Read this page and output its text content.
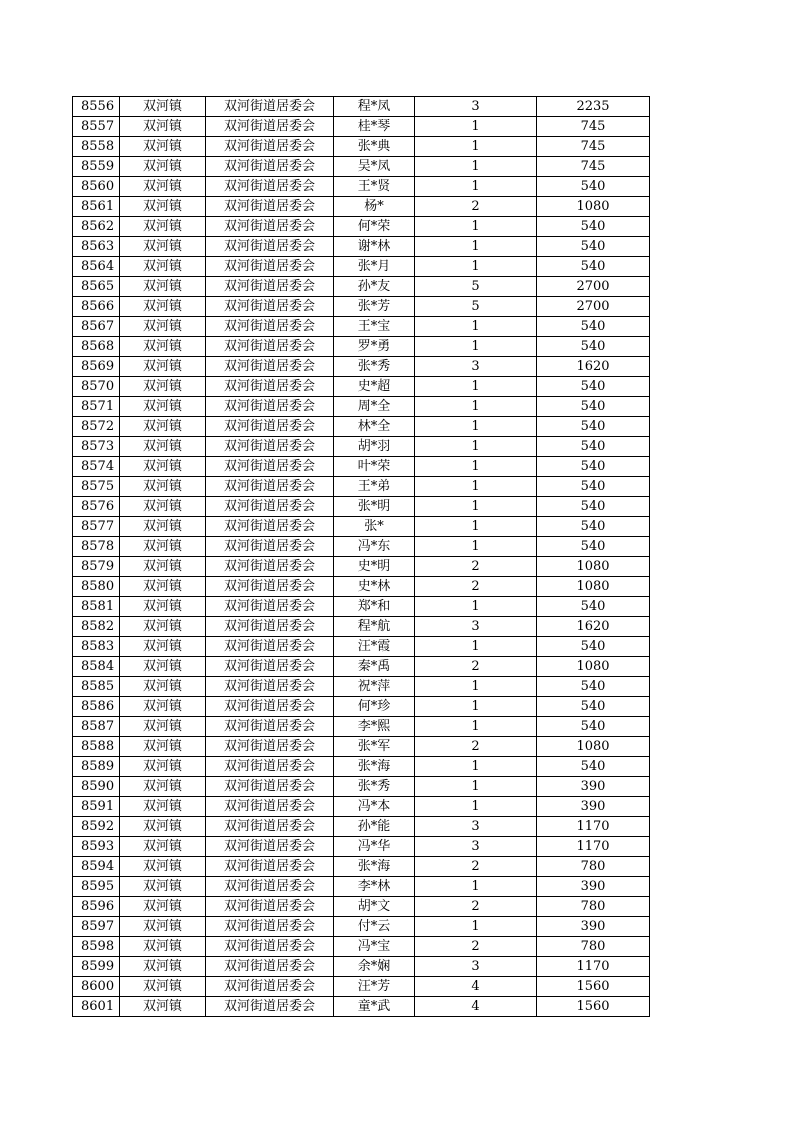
8556	双河镇	双河街道居委会	程*凤	3	2235
8557	双河镇	双河街道居委会	桂*琴	1	745
8558	双河镇	双河街道居委会	张*典	1	745
8559	双河镇	双河街道居委会	吴*凤	1	745
8560	双河镇	双河街道居委会	王*贤	1	540
8561	双河镇	双河街道居委会	杨*	2	1080
8562	双河镇	双河街道居委会	何*荣	1	540
8563	双河镇	双河街道居委会	谢*林	1	540
8564	双河镇	双河街道居委会	张*月	1	540
8565	双河镇	双河街道居委会	孙*友	5	2700
8566	双河镇	双河街道居委会	张*芳	5	2700
8567	双河镇	双河街道居委会	王*宝	1	540
8568	双河镇	双河街道居委会	罗*勇	1	540
8569	双河镇	双河街道居委会	张*秀	3	1620
8570	双河镇	双河街道居委会	史*超	1	540
8571	双河镇	双河街道居委会	周*全	1	540
8572	双河镇	双河街道居委会	林*全	1	540
8573	双河镇	双河街道居委会	胡*羽	1	540
8574	双河镇	双河街道居委会	叶*荣	1	540
8575	双河镇	双河街道居委会	王*弟	1	540
8576	双河镇	双河街道居委会	张*明	1	540
8577	双河镇	双河街道居委会	张*	1	540
8578	双河镇	双河街道居委会	冯*东	1	540
8579	双河镇	双河街道居委会	史*明	2	1080
8580	双河镇	双河街道居委会	史*林	2	1080
8581	双河镇	双河街道居委会	郑*和	1	540
8582	双河镇	双河街道居委会	程*航	3	1620
8583	双河镇	双河街道居委会	汪*霞	1	540
8584	双河镇	双河街道居委会	秦*禹	2	1080
8585	双河镇	双河街道居委会	祝*萍	1	540
8586	双河镇	双河街道居委会	何*珍	1	540
8587	双河镇	双河街道居委会	李*熙	1	540
8588	双河镇	双河街道居委会	张*军	2	1080
8589	双河镇	双河街道居委会	张*海	1	540
8590	双河镇	双河街道居委会	张*秀	1	390
8591	双河镇	双河街道居委会	冯*本	1	390
8592	双河镇	双河街道居委会	孙*能	3	1170
8593	双河镇	双河街道居委会	冯*华	3	1170
8594	双河镇	双河街道居委会	张*海	2	780
8595	双河镇	双河街道居委会	李*林	1	390
8596	双河镇	双河街道居委会	胡*文	2	780
8597	双河镇	双河街道居委会	付*云	1	390
8598	双河镇	双河街道居委会	冯*宝	2	780
8599	双河镇	双河街道居委会	余*娴	3	1170
8600	双河镇	双河街道居委会	汪*芳	4	1560
8601	双河镇	双河街道居委会	童*武	4	1560
